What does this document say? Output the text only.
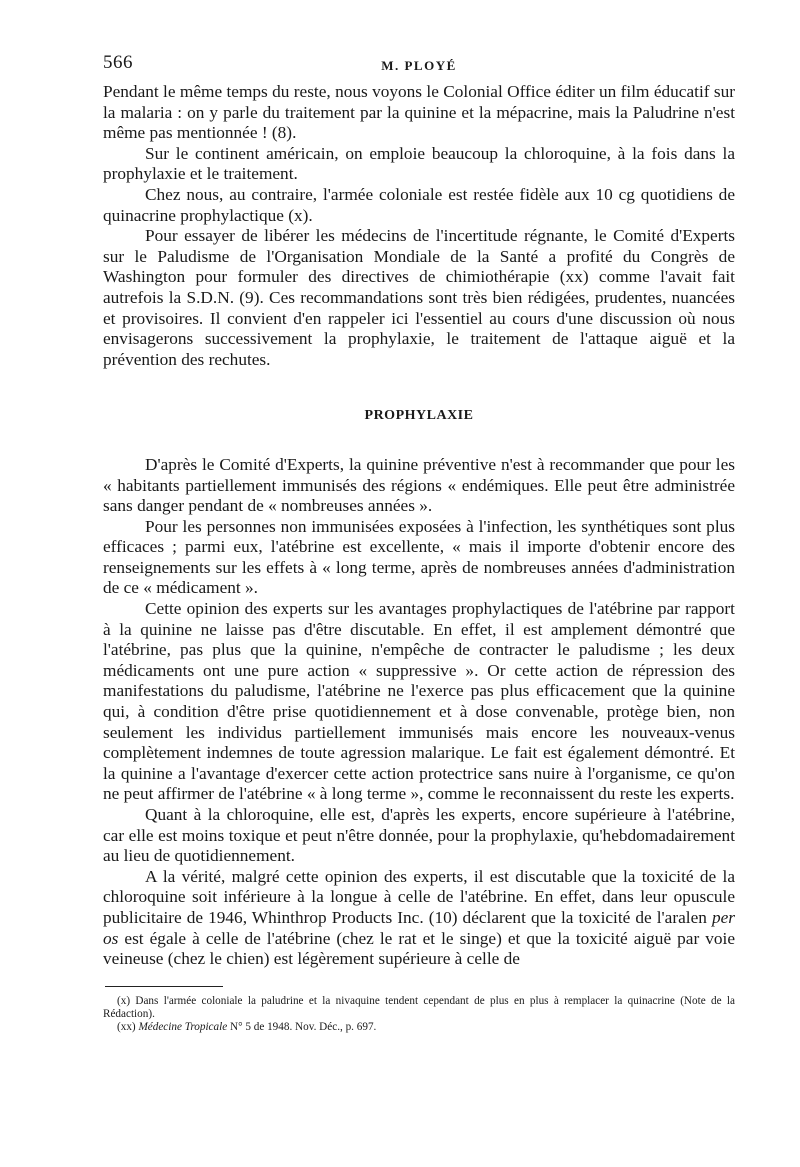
566	M. PLOYÉ

Pendant le même temps du reste, nous voyons le Colonial Office éditer un film éducatif sur la malaria : on y parle du traitement par la quinine et la mépacrine, mais la Paludrine n'est même pas mentionnée ! (8).

Sur le continent américain, on emploie beaucoup la chloroquine, à la fois dans la prophylaxie et le traitement.

Chez nous, au contraire, l'armée coloniale est restée fidèle aux 10 cg quotidiens de quinacrine prophylactique (x).

Pour essayer de libérer les médecins de l'incertitude régnante, le Comité d'Experts sur le Paludisme de l'Organisation Mondiale de la Santé a profité du Congrès de Washington pour formuler des directives de chimiothérapie (xx) comme l'avait fait autrefois la S.D.N. (9). Ces recommandations sont très bien rédigées, prudentes, nuancées et provisoires. Il convient d'en rappeler ici l'essentiel au cours d'une discussion où nous envisagerons successivement la prophylaxie, le traitement de l'attaque aiguë et la prévention des rechutes.

PROPHYLAXIE

D'après le Comité d'Experts, la quinine préventive n'est à recommander que pour les « habitants partiellement immunisés des régions « endémiques. Elle peut être administrée sans danger pendant de « nombreuses années ».

Pour les personnes non immunisées exposées à l'infection, les synthétiques sont plus efficaces ; parmi eux, l'atébrine est excellente, « mais il importe d'obtenir encore des renseignements sur les effets à « long terme, après de nombreuses années d'administration de ce « médicament ».

Cette opinion des experts sur les avantages prophylactiques de l'atébrine par rapport à la quinine ne laisse pas d'être discutable. En effet, il est amplement démontré que l'atébrine, pas plus que la quinine, n'empêche de contracter le paludisme ; les deux médicaments ont une pure action « suppressive ». Or cette action de répression des manifestations du paludisme, l'atébrine ne l'exerce pas plus efficacement que la quinine qui, à condition d'être prise quotidiennement et à dose convenable, protège bien, non seulement les individus partiellement immunisés mais encore les nouveaux-venus complètement indemnes de toute agression malarique. Le fait est également démontré. Et la quinine a l'avantage d'exercer cette action protectrice sans nuire à l'organisme, ce qu'on ne peut affirmer de l'atébrine « à long terme », comme le reconnaissent du reste les experts.

Quant à la chloroquine, elle est, d'après les experts, encore supérieure à l'atébrine, car elle est moins toxique et peut n'être donnée, pour la prophylaxie, qu'hebdomadairement au lieu de quotidiennement.

A la vérité, malgré cette opinion des experts, il est discutable que la toxicité de la chloroquine soit inférieure à la longue à celle de l'atébrine. En effet, dans leur opuscule publicitaire de 1946, Whinthrop Products Inc. (10) déclarent que la toxicité de l'aralen per os est égale à celle de l'atébrine (chez le rat et le singe) et que la toxicité aiguë par voie veineuse (chez le chien) est légèrement supérieure à celle de

(x) Dans l'armée coloniale la paludrine et la nivaquine tendent cependant de plus en plus à remplacer la quinacrine (Note de la Rédaction).

(xx) Médecine Tropicale N° 5 de 1948. Nov. Déc., p. 697.
